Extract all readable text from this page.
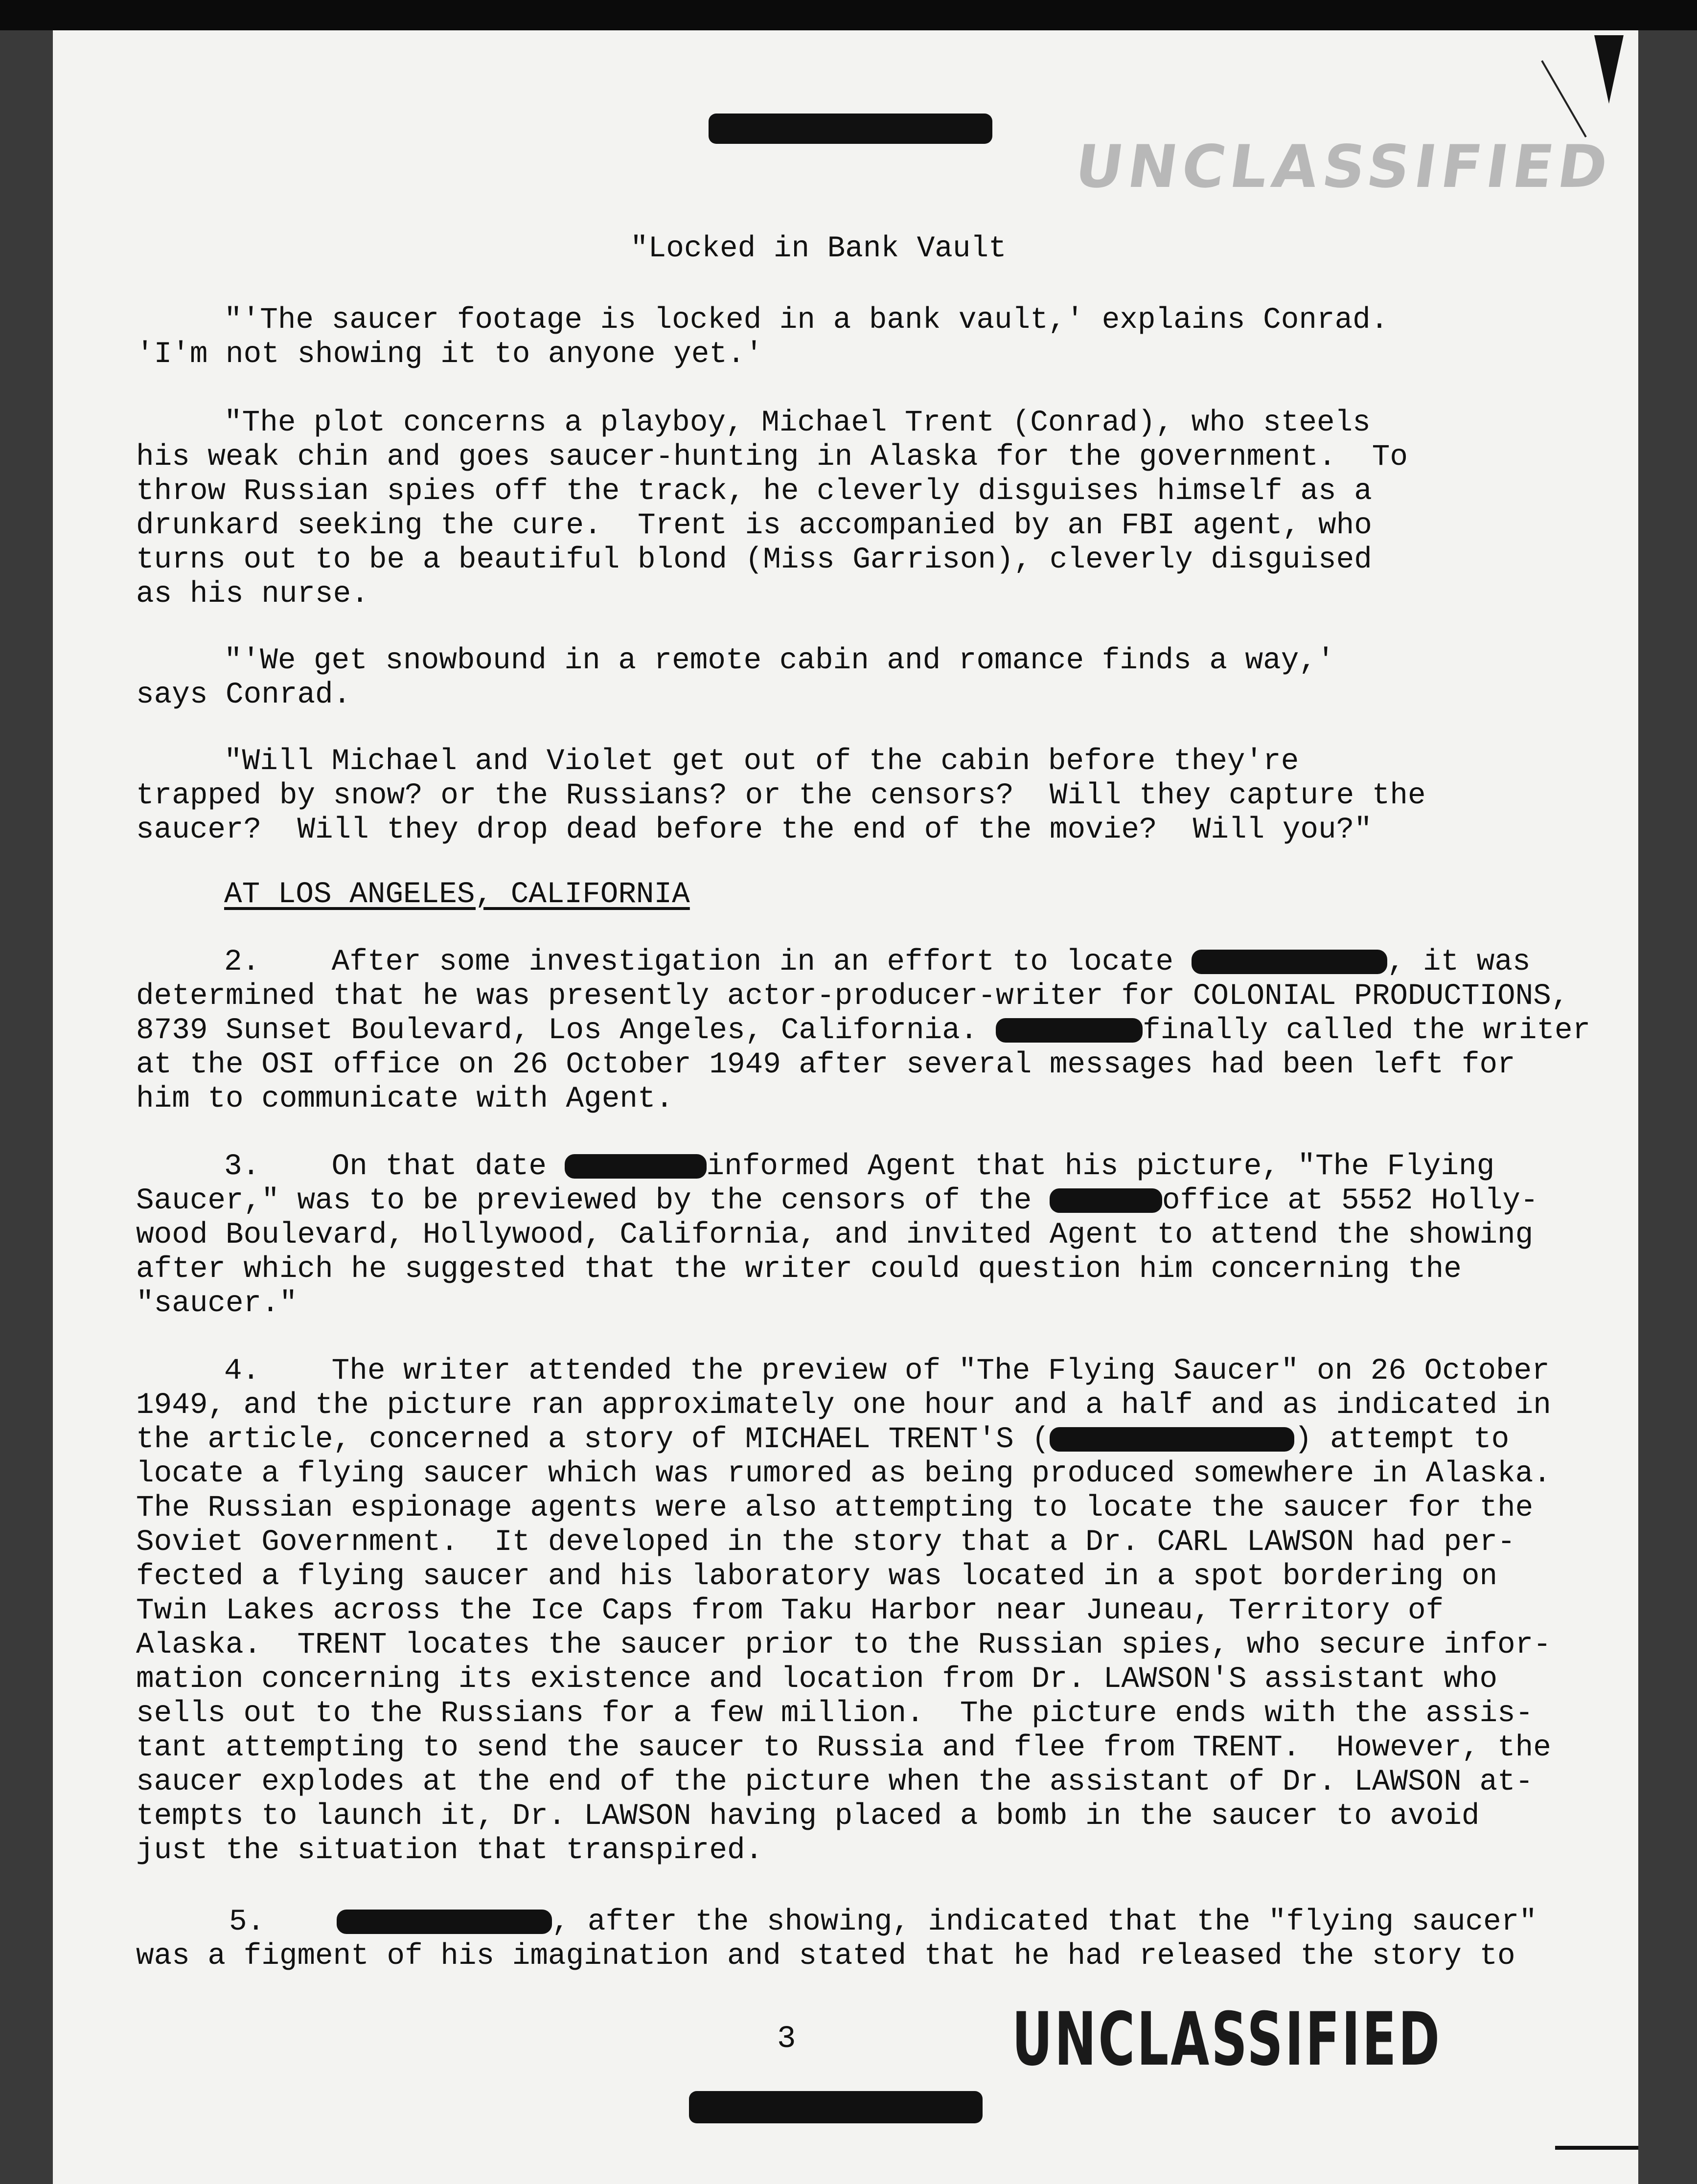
UNCLASSIFIED
"Locked in Bank Vault
"'The saucer footage is locked in a bank vault,' explains Conrad.
'I'm not showing it to anyone yet.'
"The plot concerns a playboy, Michael Trent (Conrad), who steels
his weak chin and goes saucer-hunting in Alaska for the government.  To
throw Russian spies off the track, he cleverly disguises himself as a
drunkard seeking the cure.  Trent is accompanied by an FBI agent, who
turns out to be a beautiful blond (Miss Garrison), cleverly disguised
as his nurse.
"'We get snowbound in a remote cabin and romance finds a way,'
says Conrad.
"Will Michael and Violet get out of the cabin before they're
trapped by snow? or the Russians? or the censors?  Will they capture the
saucer?  Will they drop dead before the end of the movie?  Will you?"
AT LOS ANGELES, CALIFORNIA
2. After some investigation in an effort to locate	, it was
determined that he was presently actor-producer-writer for COLONIAL PRODUCTIONS,
8739 Sunset Boulevard, Los Angeles, California.	finally called the writer
at the OSI office on 26 October 1949 after several messages had been left for
him to communicate with Agent.
3. On that date	informed Agent that his picture, "The Flying
Saucer," was to be previewed by the censors of the	office at 5552 Holly-
wood Boulevard, Hollywood, California, and invited Agent to attend the showing
after which he suggested that the writer could question him concerning the
"saucer."
4. The writer attended the preview of "The Flying Saucer" on 26 October
1949, and the picture ran approximately one hour and a half and as indicated in
the article, concerned a story of MICHAEL TRENT'S (	) attempt to
locate a flying saucer which was rumored as being produced somewhere in Alaska.
The Russian espionage agents were also attempting to locate the saucer for the
Soviet Government.  It developed in the story that a Dr. CARL LAWSON had per-
fected a flying saucer and his laboratory was located in a spot bordering on
Twin Lakes across the Ice Caps from Taku Harbor near Juneau, Territory of
Alaska.  TRENT locates the saucer prior to the Russian spies, who secure infor-
mation concerning its existence and location from Dr. LAWSON'S assistant who
sells out to the Russians for a few million.  The picture ends with the assis-
tant attempting to send the saucer to Russia and flee from TRENT.  However, the
saucer explodes at the end of the picture when the assistant of Dr. LAWSON at-
tempts to launch it, Dr. LAWSON having placed a bomb in the saucer to avoid
just the situation that transpired.
5.	, after the showing, indicated that the "flying saucer"
was a figment of his imagination and stated that he had released the story to
3	UNCLASSIFIED
